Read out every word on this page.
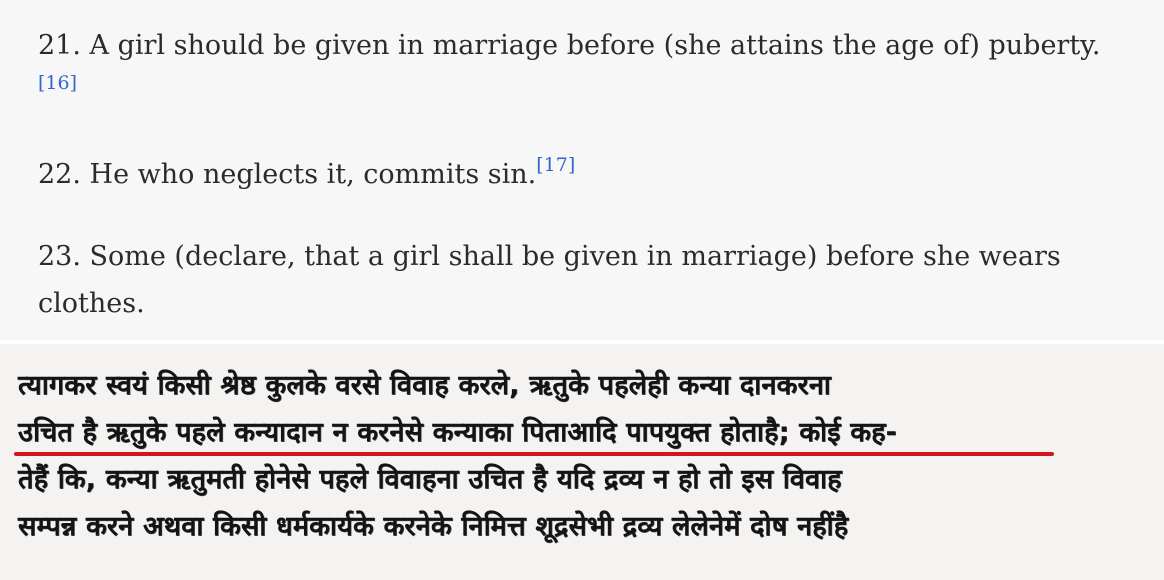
21. A girl should be given in marriage before (she attains the age of) puberty.[16]

22. He who neglects it, commits sin.[17]

23. Some (declare, that a girl shall be given in marriage) before she wears clothes.

त्यागकर स्वयं किसी श्रेष्ठ कुलके वरसे विवाह करले, ऋतुके पहलेही कन्या दानकरना

उचित है ऋतुके पहले कन्यादान न करनेसे कन्याका पिताआदि पापयुक्त होताहै; कोई कह-

तेहैं कि, कन्या ऋतुमती होनेसे पहले विवाहना उचित है यदि द्रव्य न हो तो इस विवाह

सम्पन्न करने अथवा किसी धर्मकार्यके करनेके निमित्त शूद्रसेभी द्रव्य लेलेनेमें दोष नहींहै
